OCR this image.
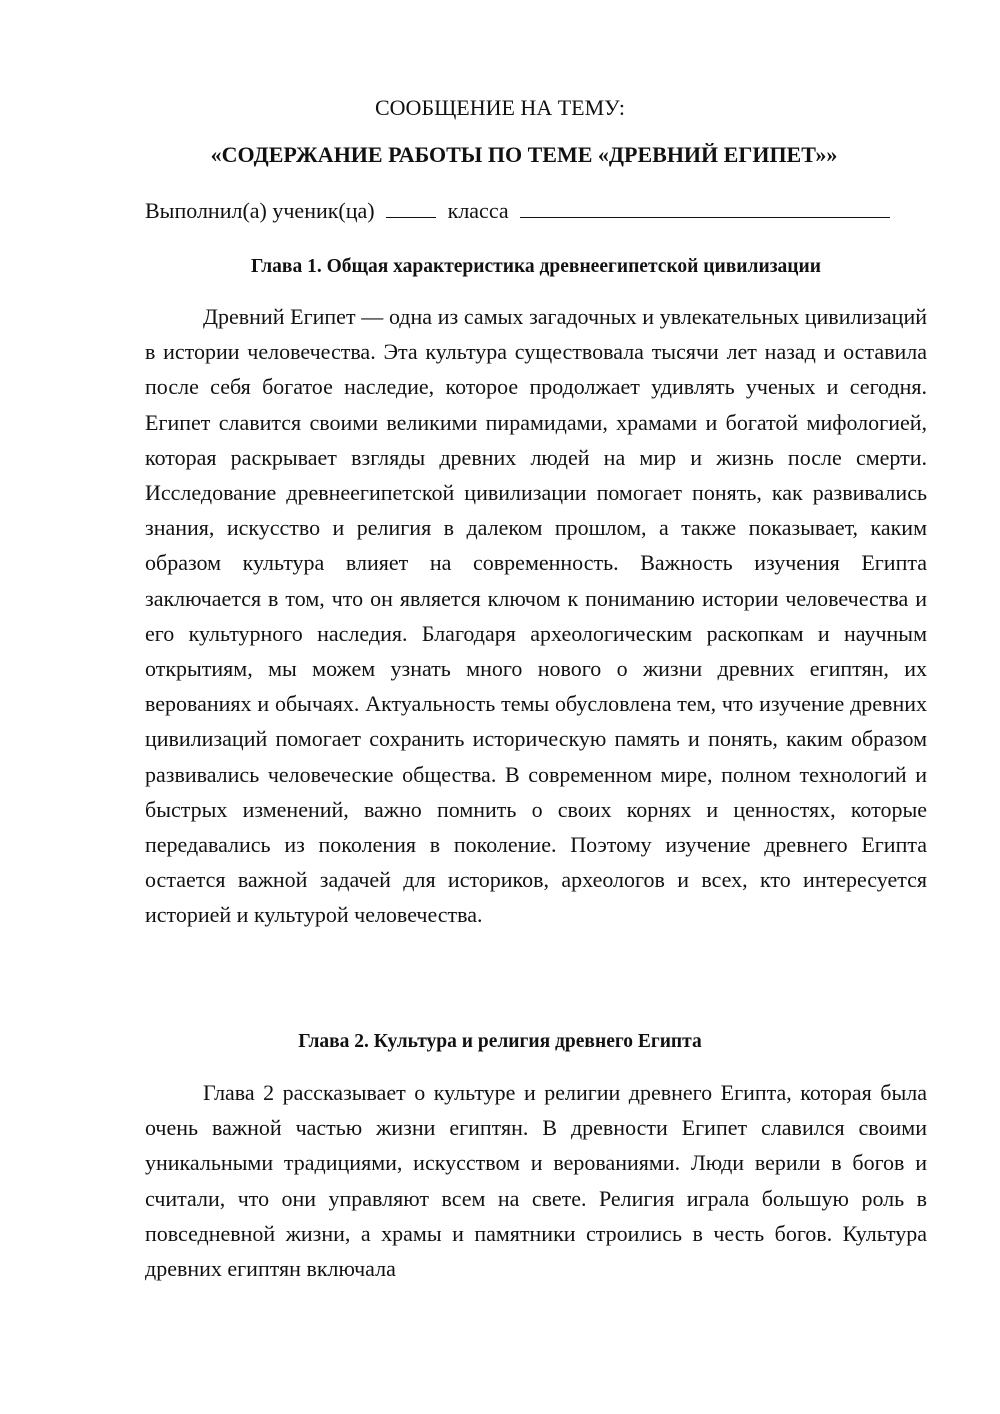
СООБЩЕНИЕ НА ТЕМУ:
«СОДЕРЖАНИЕ РАБОТЫ ПО ТЕМЕ «ДРЕВНИЙ ЕГИПЕТ»»
Выполнил(а) ученик(ца)	класса
Глава 1. Общая характеристика древнеегипетской цивилизации
Древний Египет — одна из самых загадочных и увлекательных цивилизаций в истории человечества. Эта культура существовала тысячи лет назад и оставила после себя богатое наследие, которое продолжает удивлять ученых и сегодня. Египет славится своими великими пирамидами, храмами и богатой мифологией, которая раскрывает взгляды древних людей на мир и жизнь после смерти. Исследование древнеегипетской цивилизации помогает понять, как развивались знания, искусство и религия в далеком прошлом, а также показывает, каким образом культура влияет на современность. Важность изучения Египта заключается в том, что он является ключом к пониманию истории человечества и его культурного наследия. Благодаря археологическим раскопкам и научным открытиям, мы можем узнать много нового о жизни древних египтян, их верованиях и обычаях. Актуальность темы обусловлена тем, что изучение древних цивилизаций помогает сохранить историческую память и понять, каким образом развивались человеческие общества. В современном мире, полном технологий и быстрых изменений, важно помнить о своих корнях и ценностях, которые передавались из поколения в поколение. Поэтому изучение древнего Египта остается важной задачей для историков, археологов и всех, кто интересуется историей и культурой человечества.
Глава 2. Культура и религия древнего Египта
Глава 2 рассказывает о культуре и религии древнего Египта, которая была очень важной частью жизни египтян. В древности Египет славился своими уникальными традициями, искусством и верованиями. Люди верили в богов и считали, что они управляют всем на свете. Религия играла большую роль в повседневной жизни, а храмы и памятники строились в честь богов. Культура древних египтян включала
